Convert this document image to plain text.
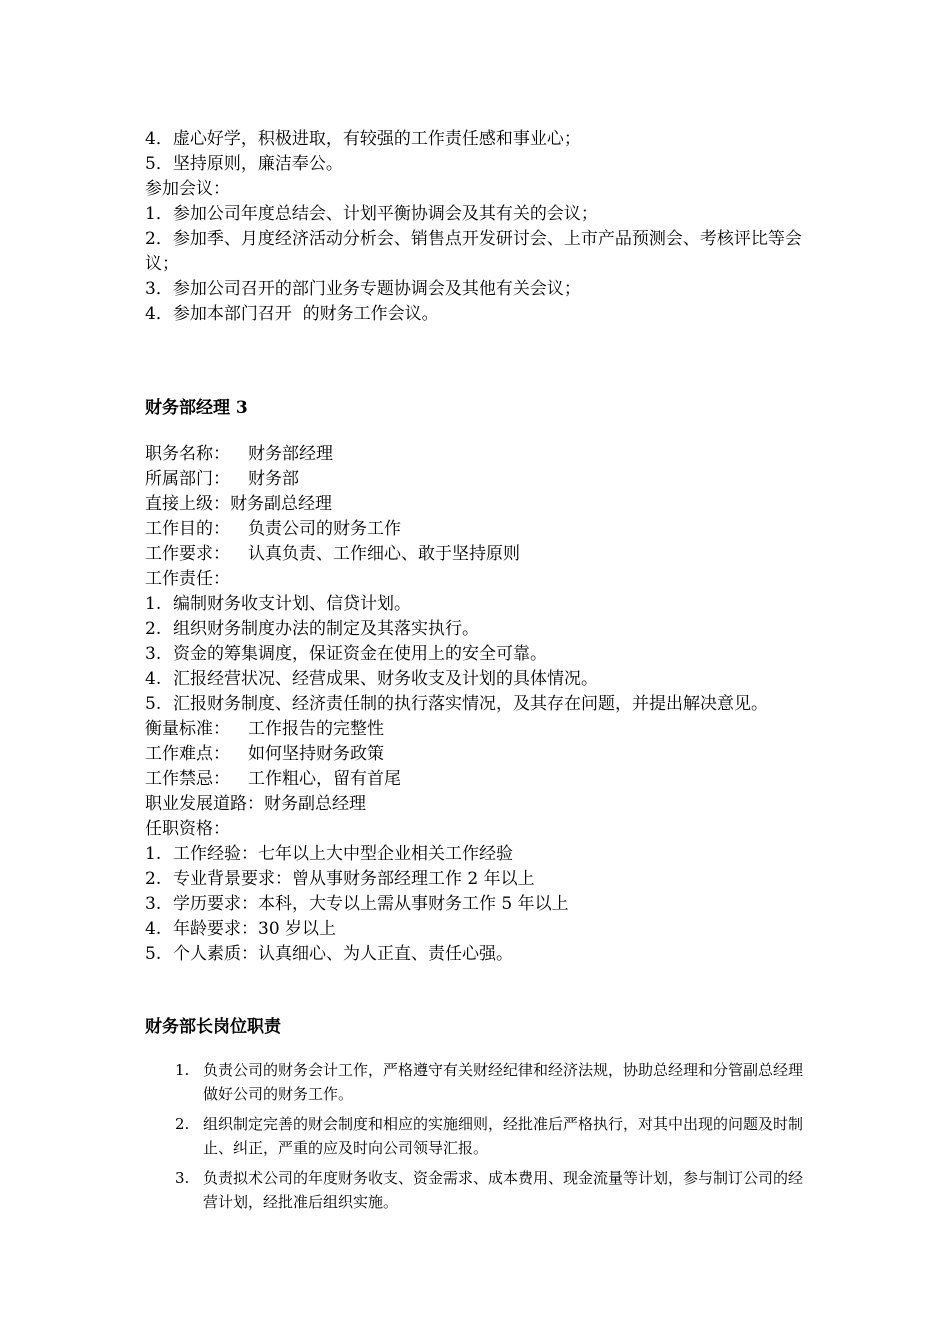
4．虚心好学，积极进取，有较强的工作责任感和事业心；
5．坚持原则，廉洁奉公。
参加会议：
1．参加公司年度总结会、计划平衡协调会及其有关的会议；
2．参加季、月度经济活动分析会、销售点开发研讨会、上市产品预测会、考核评比等会议；
3．参加公司召开的部门业务专题协调会及其他有关会议；
4．参加本部门召开  的财务工作会议。
财务部经理 3
职务名称： 财务部经理
所属部门： 财务部
直接上级：财务副总经理
工作目的： 负责公司的财务工作
工作要求： 认真负责、工作细心、敢于坚持原则
工作责任：
1. 编制财务收支计划、信贷计划。
2. 组织财务制度办法的制定及其落实执行。
3. 资金的筹集调度，保证资金在使用上的安全可靠。
4. 汇报经营状况、经营成果、财务收支及计划的具体情况。
5. 汇报财务制度、经济责任制的执行落实情况，及其存在问题，并提出解决意见。
衡量标准： 工作报告的完整性
工作难点： 如何坚持财务政策
工作禁忌： 工作粗心，留有首尾
职业发展道路：财务副总经理
任职资格：
1. 工作经验：七年以上大中型企业相关工作经验
2. 专业背景要求：曾从事财务部经理工作 2 年以上
3. 学历要求：本科，大专以上需从事财务工作 5 年以上
4. 年龄要求：30 岁以上
5. 个人素质：认真细心、为人正直、责任心强。
财务部长岗位职责
1. 负责公司的财务会计工作，严格遵守有关财经纪律和经济法规，协助总经理和分管副总经理做好公司的财务工作。
2. 组织制定完善的财会制度和相应的实施细则，经批准后严格执行，对其中出现的问题及时制止、纠正，严重的应及时向公司领导汇报。
3. 负责拟术公司的年度财务收支、资金需求、成本费用、现金流量等计划，参与制订公司的经营计划，经批准后组织实施。
